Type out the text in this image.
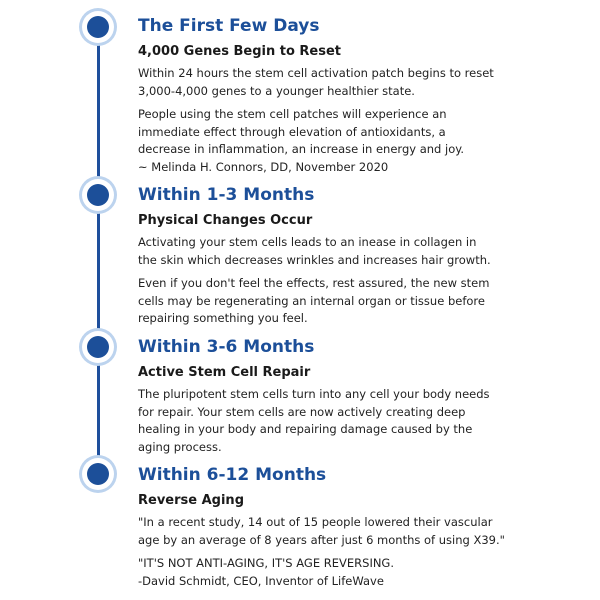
The First Few Days
4,000 Genes Begin to Reset
Within 24 hours the stem cell activation patch begins to reset
3,000-4,000 genes to a younger healthier state.
People using the stem cell patches will experience an
immediate effect through elevation of antioxidants, a
decrease in inflammation, an increase in energy and joy.
~ Melinda H. Connors, DD, November 2020
Within 1-3 Months
Physical Changes Occur
Activating your stem cells leads to an inease in collagen in
the skin which decreases wrinkles and increases hair growth.
Even if you don't feel the effects, rest assured, the new stem
cells may be regenerating an internal organ or tissue before
repairing something you feel.
Within 3-6 Months
Active Stem Cell Repair
The pluripotent stem cells turn into any cell your body needs
for repair. Your stem cells are now actively creating deep
healing in your body and repairing damage caused by the
aging process.
Within 6-12 Months
Reverse Aging
"In a recent study, 14 out of 15 people lowered their vascular
age by an average of 8 years after just 6 months of using X39."
"IT'S NOT ANTI-AGING, IT'S AGE REVERSING.
-David Schmidt, CEO, Inventor of LifeWave
